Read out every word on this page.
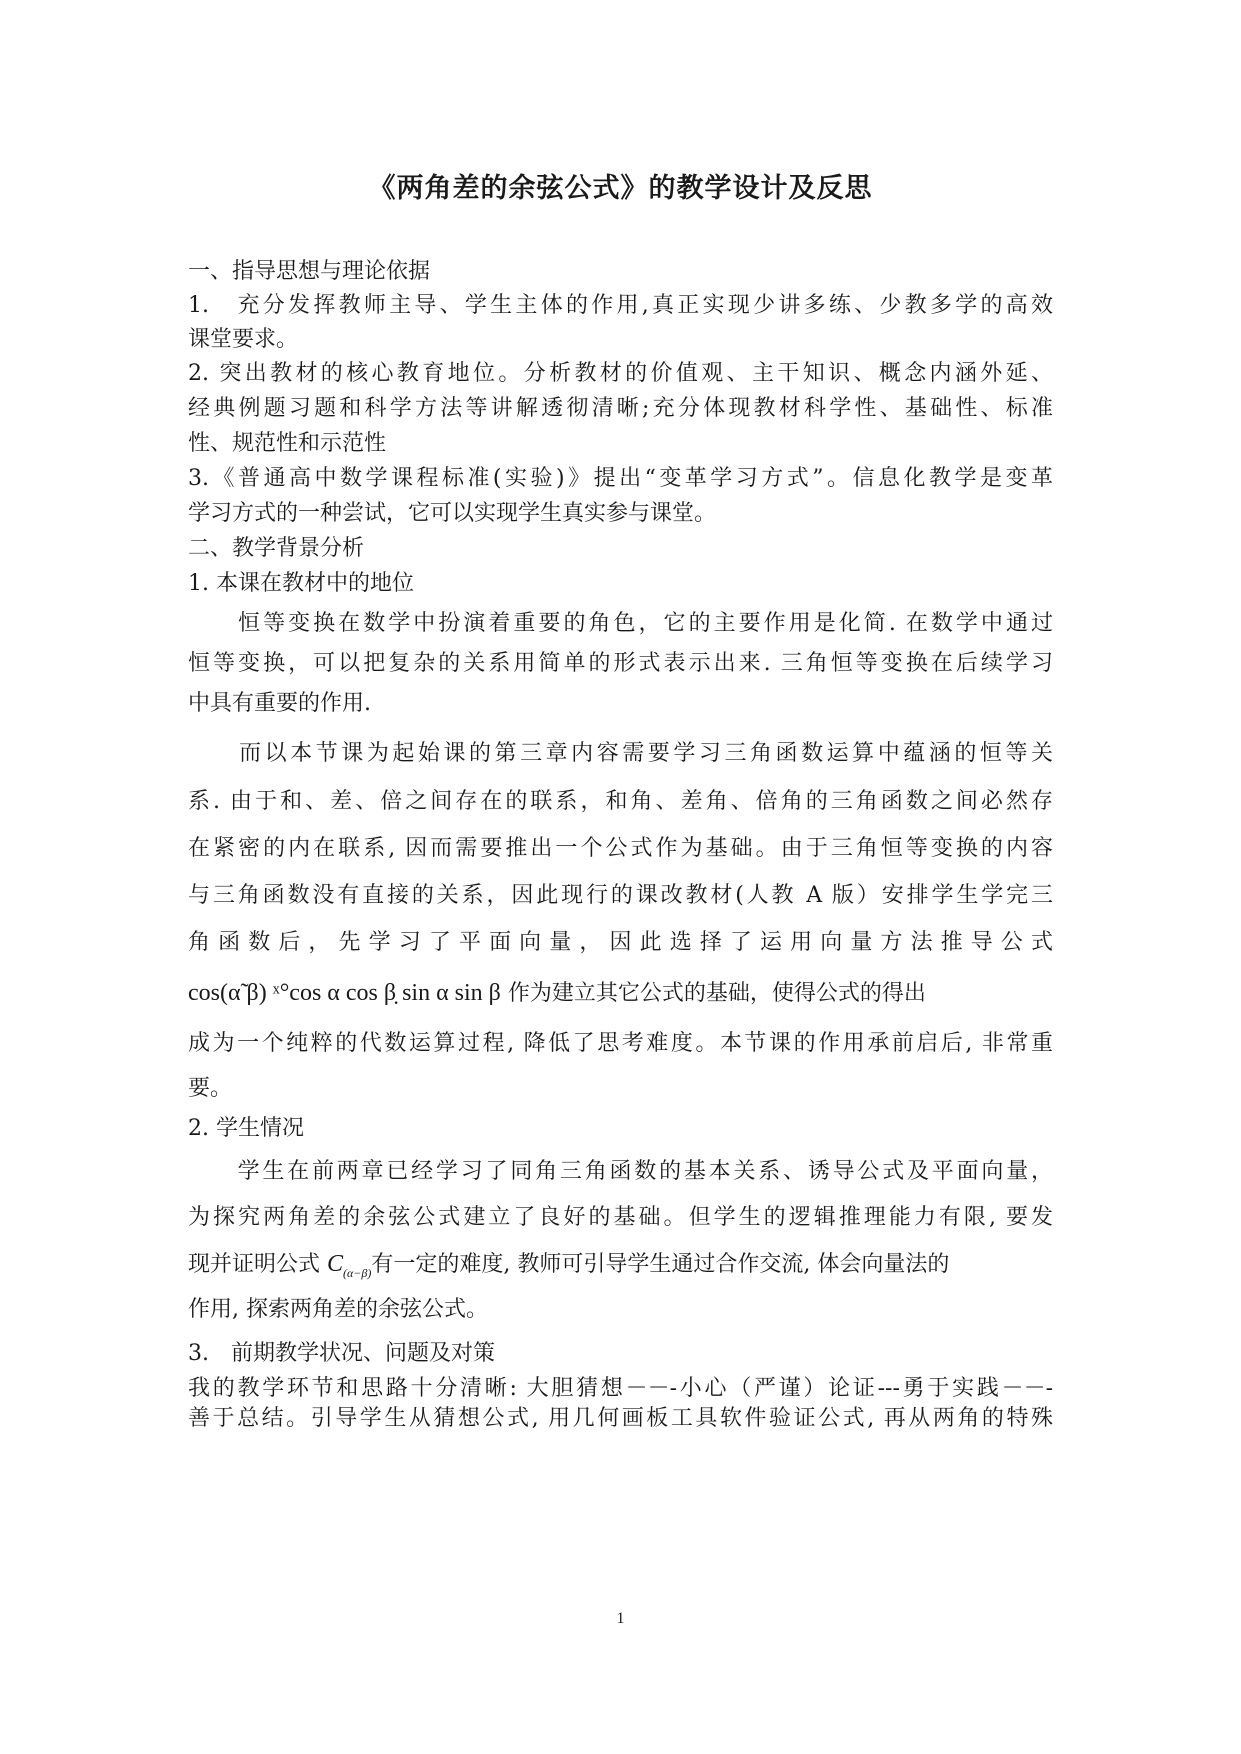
《两角差的余弦公式》的教学设计及反思
一、指导思想与理论依据
1.　充分发挥教师主导、学生主体的作用,真正实现少讲多练、少教多学的高效
课堂要求。
2. 突出教材的核心教育地位。分析教材的价值观、主干知识、概念内涵外延、
经典例题习题和科学方法等讲解透彻清晰;充分体现教材科学性、基础性、标准
性、规范性和示范性
3.《普通高中数学课程标准(实验)》提出“变革学习方式”。信息化教学是变革
学习方式的一种尝试，它可以实现学生真实参与课堂。
二、教学背景分析
1. 本课在教材中的地位
　　恒等变换在数学中扮演着重要的角色，它的主要作用是化简. 在数学中通过
恒等变换，可以把复杂的关系用简单的形式表示出来. 三角恒等变换在后续学习
中具有重要的作用.
　　而以本节课为起始课的第三章内容需要学习三角函数运算中蕴涵的恒等关
系. 由于和、差、倍之间存在的联系，和角、差角、倍角的三角函数之间必然存
在紧密的内在联系, 因而需要推出一个公式作为基础。由于三角恒等变换的内容
与三角函数没有直接的关系，因此现行的课改教材(人教 A 版）安排学生学完三
角 函 数 后 ， 先 学 习 了 平 面 向 量 ， 因 此 选 择 了 运 用 向 量 方 法 推 导 公 式
cos(α̃ β) ˣ°cos α cos β̣ sin α sin β 作为建立其它公式的基础，使得公式的得出
成为一个纯粹的代数运算过程, 降低了思考难度。本节课的作用承前启后, 非常重
要。
2. 学生情况
　　学生在前两章已经学习了同角三角函数的基本关系、诱导公式及平面向量，
为探究两角差的余弦公式建立了良好的基础。但学生的逻辑推理能力有限, 要发
现并证明公式 $C_{(\alpha-\beta)}$有一定的难度, 教师可引导学生通过合作交流, 体会向量法的
作用, 探索两角差的余弦公式。
3.　前期教学状况、问题及对策
我的教学环节和思路十分清晰: 大胆猜想－－-小心（严谨）论证---勇于实践－－-
善于总结。引导学生从猜想公式, 用几何画板工具软件验证公式, 再从两角的特殊
1
